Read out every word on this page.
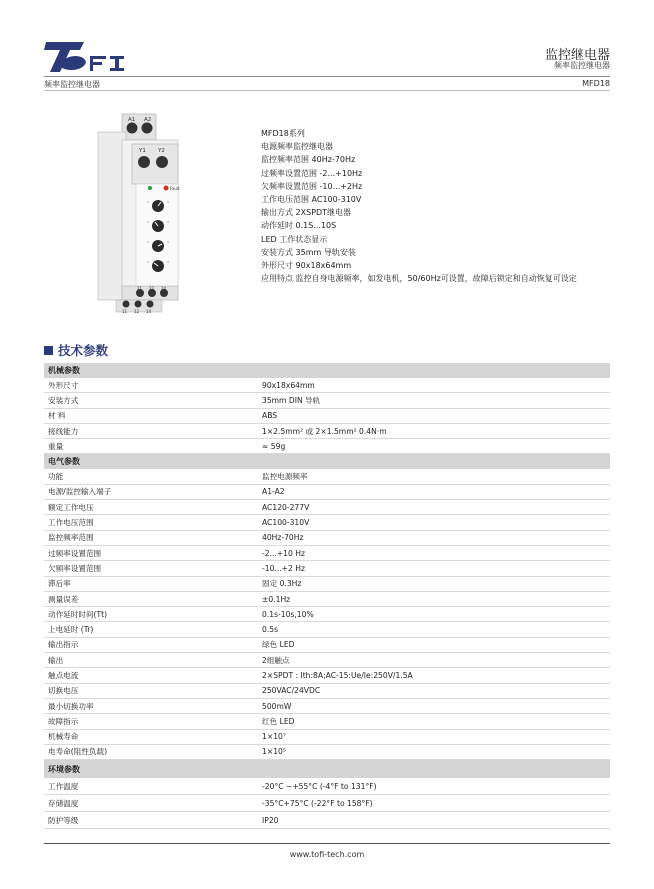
频率监控继电器
监控继电器
频率监控继电器
MFD18
A1 A2
Y1 Y2
Fault
21 22 24
11 12 14
MFD18系列
电源频率监控继电器
监控频率范围 40Hz-70Hz
过频率设置范围 -2...+10Hz
欠频率设置范围 -10...+2Hz
工作电压范围 AC100-310V
输出方式 2XSPDT继电器
动作延时 0.1S...10S
LED 工作状态显示
安装方式 35mm 导轨安装
外形尺寸 90x18x64mm
应用特点 监控自身电源频率，如发电机，50/60Hz可设置，故障后锁定和自动恢复可设定
技术参数
机械参数	
外形尺寸	90x18x64mm
安装方式	35mm DIN 导轨
材 料	ABS
接线能力	1×2.5mm² 或 2×1.5mm² 0.4N·m
重量	≈ 59g
电气参数	
功能	监控电源频率
电源/监控输入端子	A1-A2
额定工作电压	AC120-277V
工作电压范围	AC100-310V
监控频率范围	40Hz-70Hz
过频率设置范围	-2...+10 Hz
欠频率设置范围	-10...+2 Hz
滞后率	固定 0.3Hz
测量误差	±0.1Hz
动作延时时间(Tt)	0.1s-10s,10%
上电延时 (Tr)	0.5s
输出指示	绿色 LED
输出	2组触点
触点电流	2×SPDT : Ith:8A;AC-15:Ue/Ie:250V/1.5A
切换电压	250VAC/24VDC
最小切换功率	500mW
故障指示	红色 LED
机械寿命	1×10⁷
电寿命(阻性负载)	1×10⁵
环境参数	
工作温度	-20°C ~+55°C (-4°F to 131°F)
存储温度	-35°C+75°C (-22°F to 158°F)
防护等级	IP20
www.tofi-tech.com
